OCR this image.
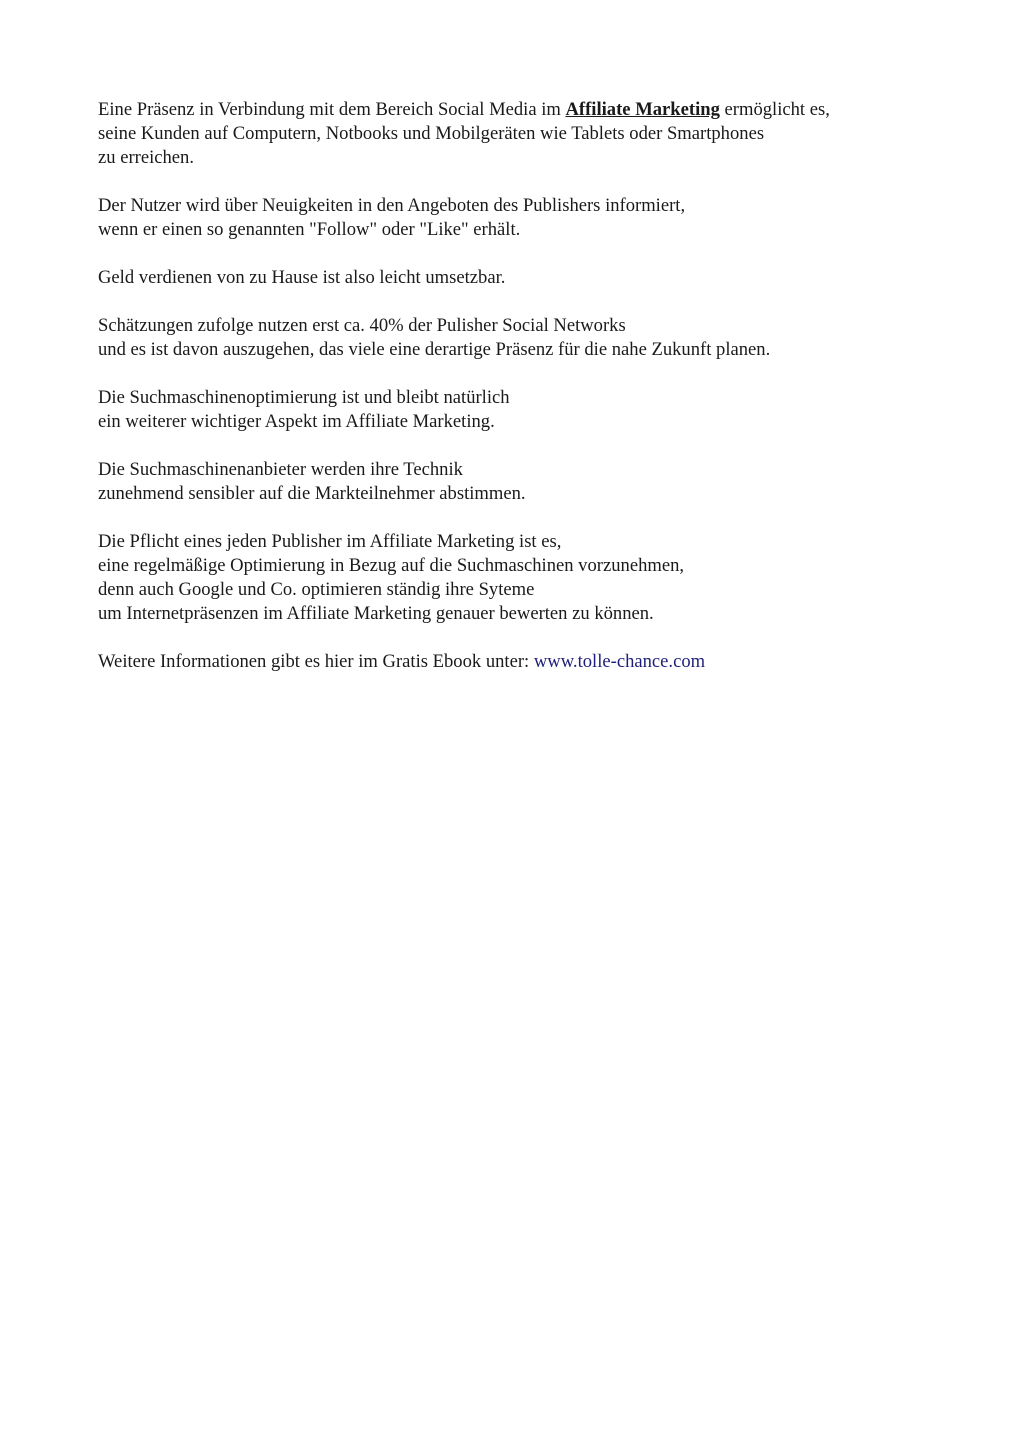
Eine Präsenz in Verbindung mit dem Bereich Social Media im Affiliate Marketing ermöglicht es,
seine Kunden auf Computern, Notbooks und Mobilgeräten wie Tablets oder Smartphones
zu erreichen.

Der Nutzer wird über Neuigkeiten in den Angeboten des Publishers informiert,
wenn er einen so genannten "Follow" oder "Like" erhält.

Geld verdienen von zu Hause ist also leicht umsetzbar.

Schätzungen zufolge nutzen erst ca. 40% der Pulisher Social Networks
und es ist davon auszugehen, das viele eine derartige Präsenz für die nahe Zukunft planen.

Die Suchmaschinenoptimierung ist und bleibt natürlich
ein weiterer wichtiger Aspekt im Affiliate Marketing.

Die Suchmaschinenanbieter werden ihre Technik
zunehmend sensibler auf die Markteilnehmer abstimmen.

Die Pflicht eines jeden Publisher im Affiliate Marketing ist es,
eine regelmäßige Optimierung in Bezug auf die Suchmaschinen vorzunehmen,
denn auch Google und Co. optimieren ständig ihre Syteme
um Internetpräsenzen im Affiliate Marketing genauer bewerten zu können.

Weitere Informationen gibt es hier im Gratis Ebook unter: www.tolle-chance.com
